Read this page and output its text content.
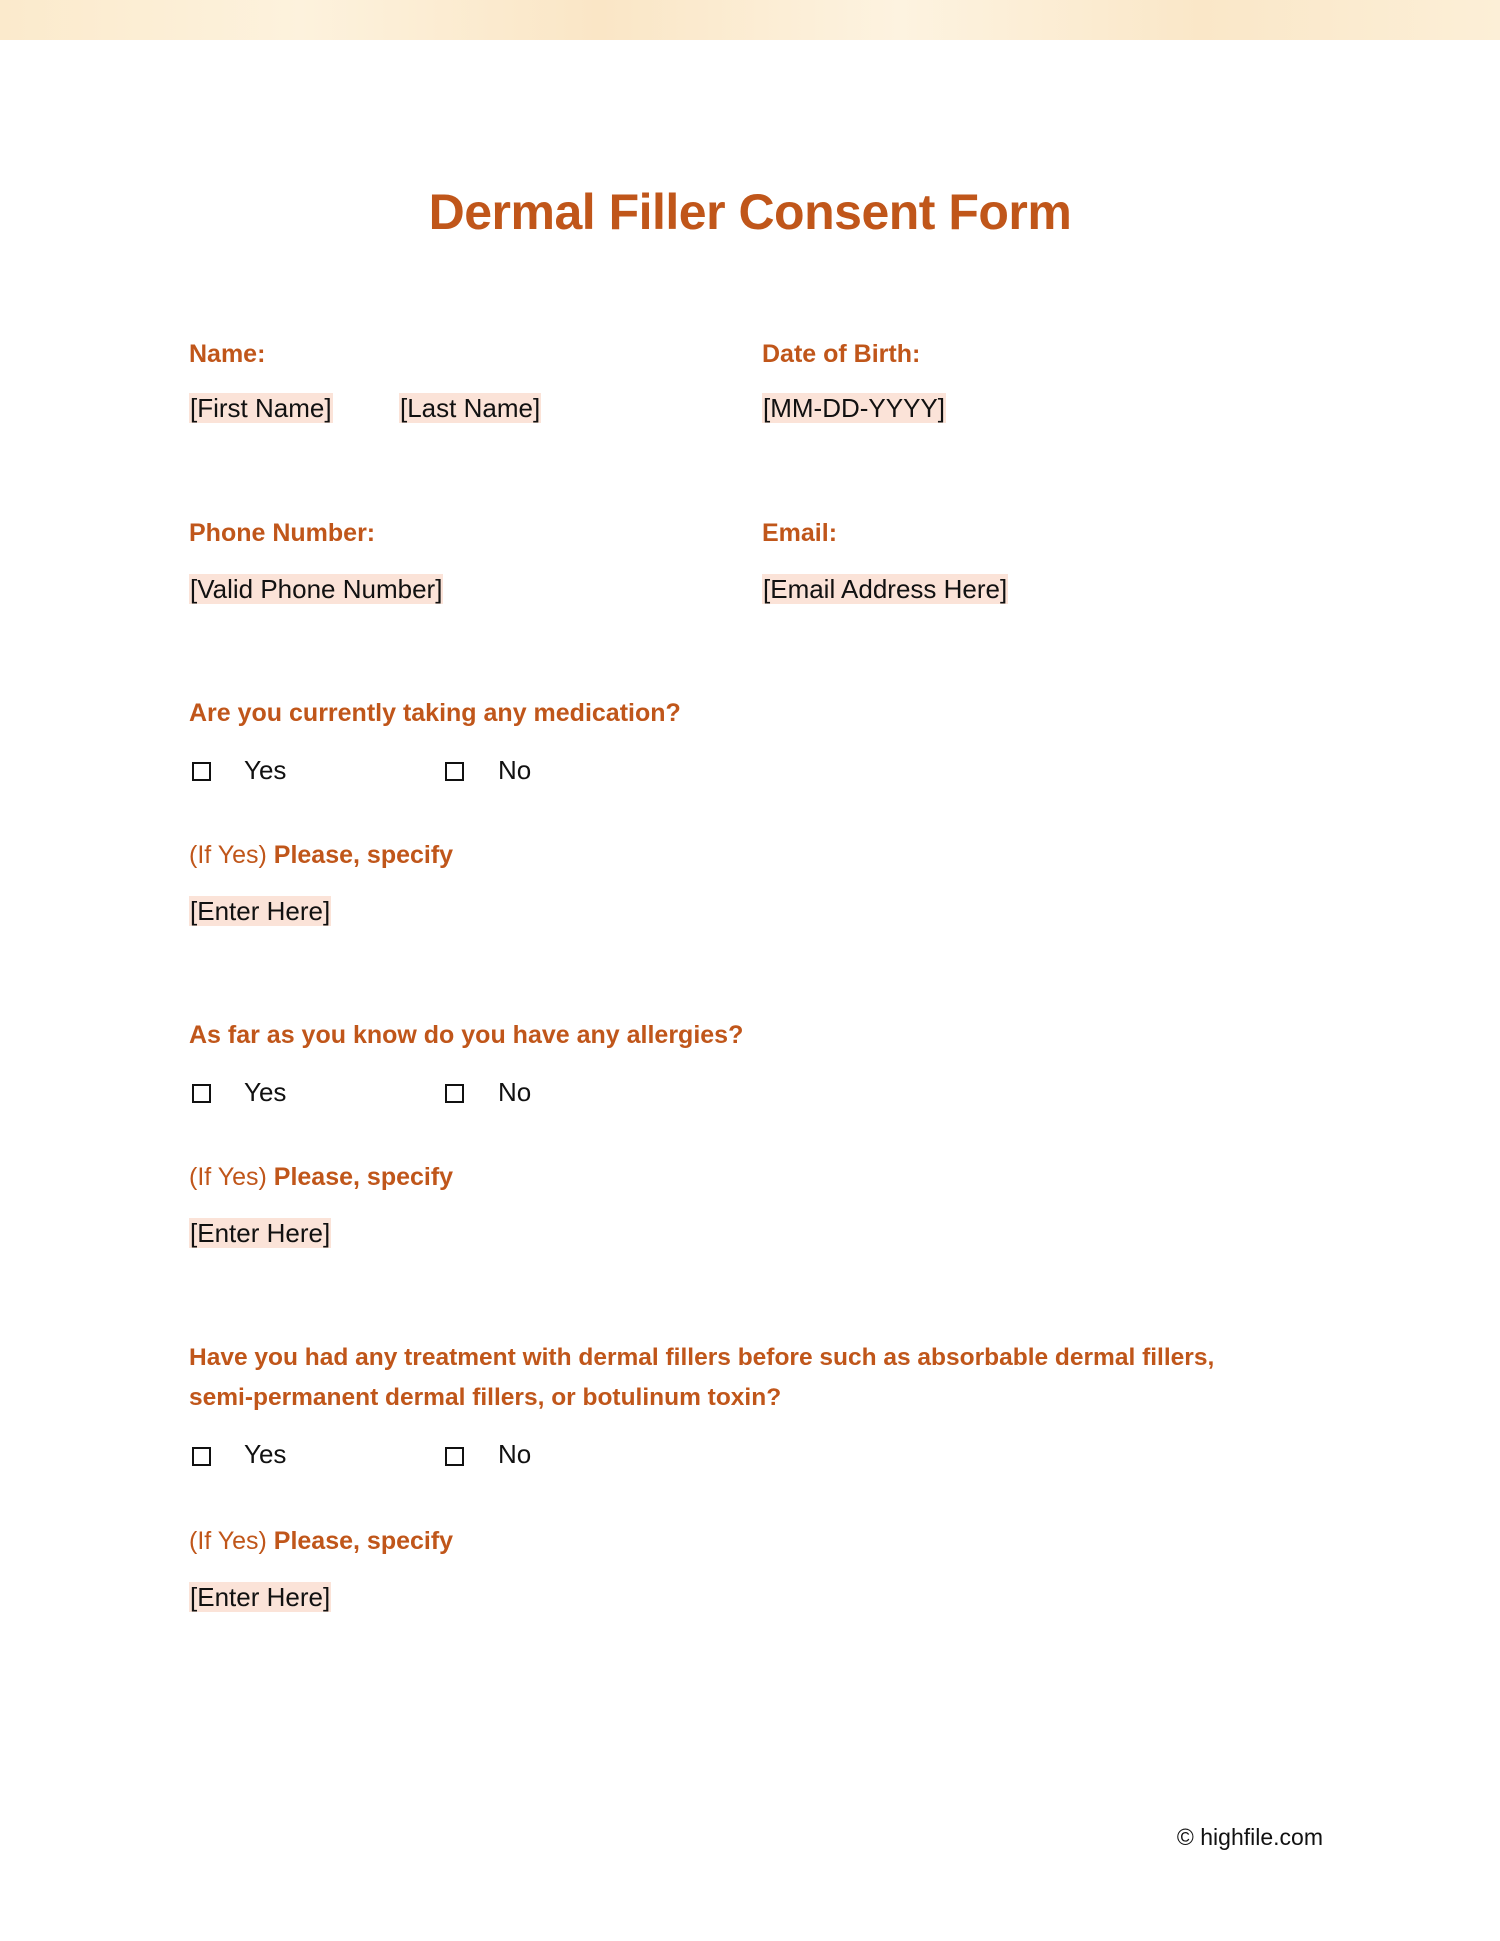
Dermal Filler Consent Form
Name:
[First Name]	[Last Name]
Date of Birth:
[MM-DD-YYYY]
Phone Number:
[Valid Phone Number]
Email:
[Email Address Here]
Are you currently taking any medication?
Yes	No
(If Yes) Please, specify
[Enter Here]
As far as you know do you have any allergies?
Yes	No
(If Yes) Please, specify
[Enter Here]
Have you had any treatment with dermal fillers before such as absorbable dermal fillers,
semi-permanent dermal fillers, or botulinum toxin?
Yes	No
(If Yes) Please, specify
[Enter Here]
© highfile.com
